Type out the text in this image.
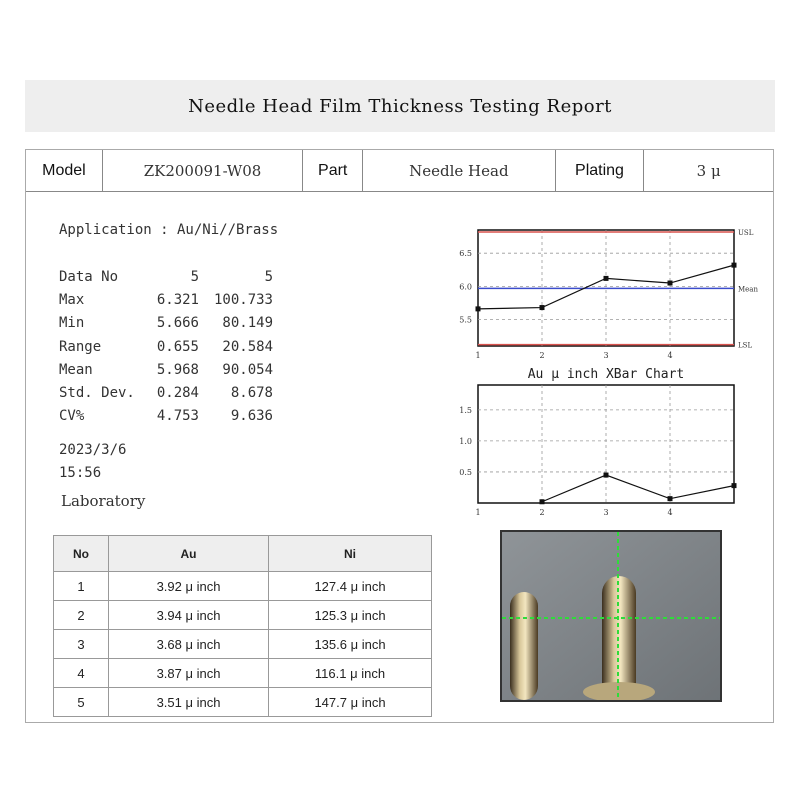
Needle Head Film Thickness Testing Report
Model	ZK200091-W08	Part	Needle Head	Plating	3 μ
Application : Au/Ni//Brass
Data No	5	5
Max	6.321	100.733
Min	5.666	80.149
Range	0.655	20.584
Mean	5.968	90.054
Std. Dev.	0.284	8.678
CV%	4.753	9.636
2023/3/6
15:56
Laboratory
No	Au	Ni
1	3.92 μ inch	127.4 μ inch
2	3.94 μ inch	125.3 μ inch
3	3.68 μ inch	135.6 μ inch
4	3.87 μ inch	116.1 μ inch
5	3.51 μ inch	147.7 μ inch
5.5
6.0
6.5
1	2	3	4
USL
Mean
LSL
0.5
1.0
1.5
1	2	3	4
Au μ inch XBar Chart
